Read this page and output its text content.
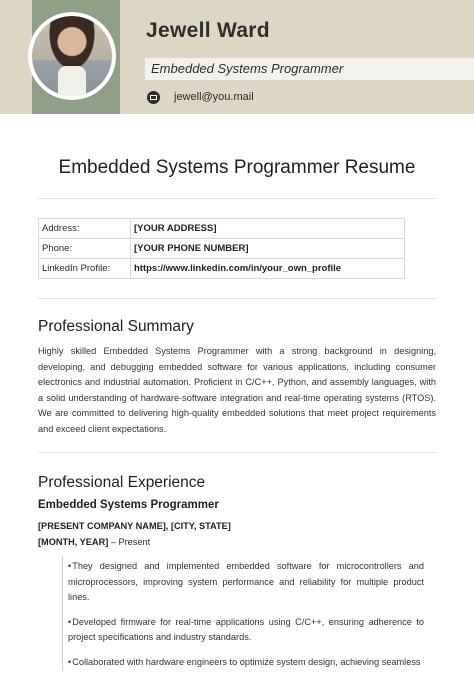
Jewell Ward
Embedded Systems Programmer
jewell@you.mail
Embedded Systems Programmer Resume
Address:	[YOUR ADDRESS]
Phone:	[YOUR PHONE NUMBER]
LinkedIn Profile:	https://www.linkedin.com/in/your_own_profile
Professional Summary
Highly skilled Embedded Systems Programmer with a strong background in designing, developing, and debugging embedded software for various applications, including consumer electronics and industrial automation. Proficient in C/C++, Python, and assembly languages, with a solid understanding of hardware-software integration and real-time operating systems (RTOS). We are committed to delivering high-quality embedded solutions that meet project requirements and exceed client expectations.
Professional Experience
Embedded Systems Programmer
[PRESENT COMPANY NAME], [CITY, STATE]
[MONTH, YEAR] – Present
• They designed and implemented embedded software for microcontrollers and microprocessors, improving system performance and reliability for multiple product lines.
• Developed firmware for real-time applications using C/C++, ensuring adherence to project specifications and industry standards.
• Collaborated with hardware engineers to optimize system design, achieving seamless
